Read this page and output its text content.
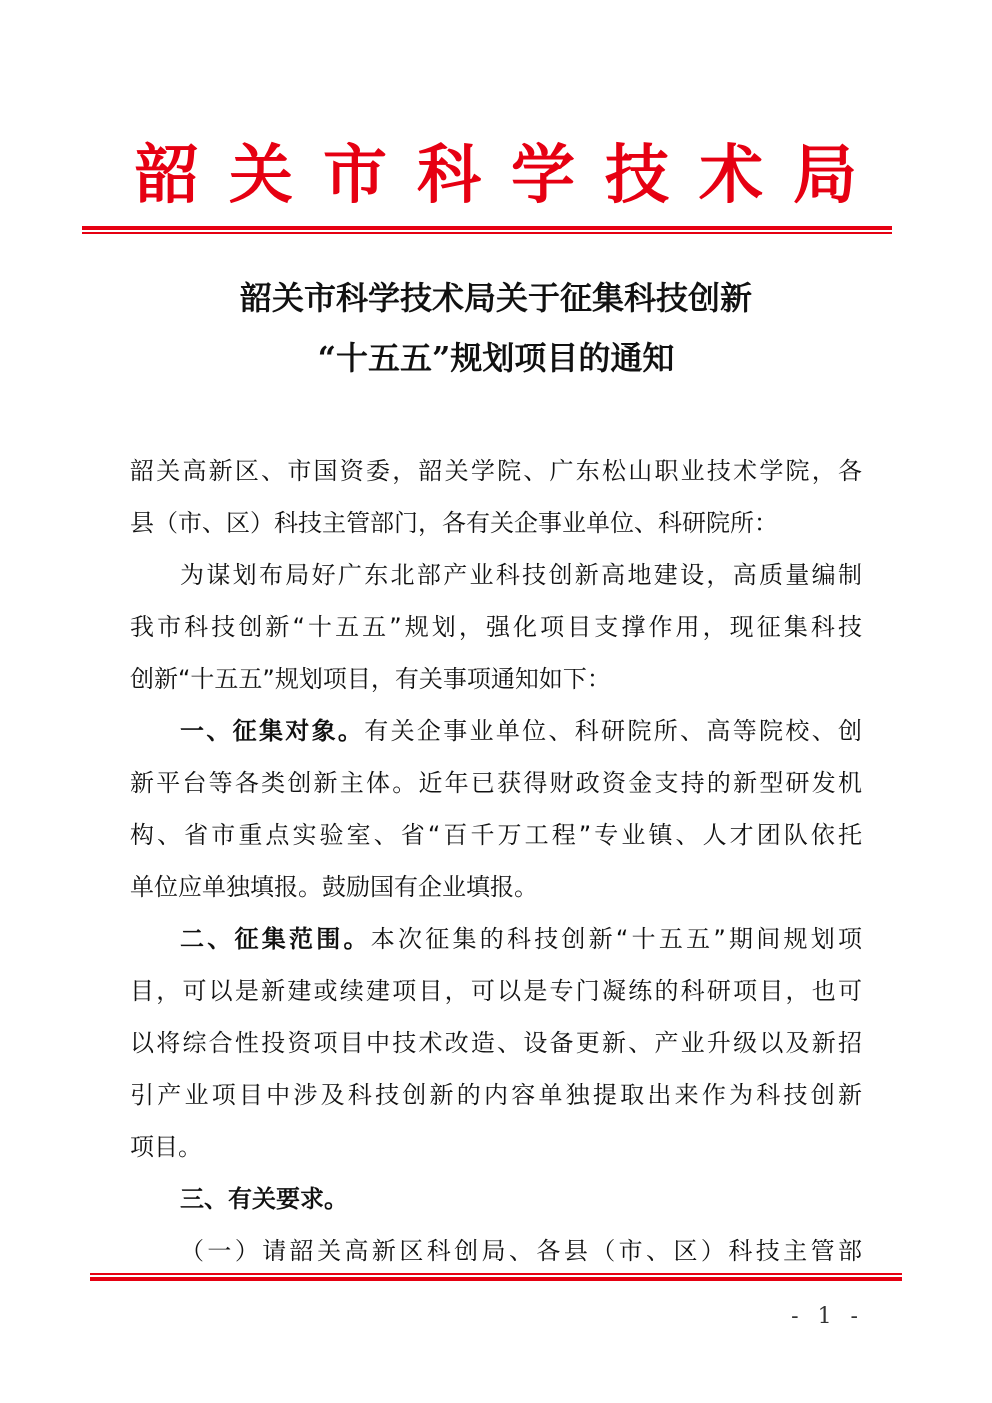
韶关市科学技术局
韶关市科学技术局关于征集科技创新
“十五五”规划项目的通知
韶关高新区、市国资委，韶关学院、广东松山职业技术学院，各
县（市、区）科技主管部门，各有关企事业单位、科研院所：
为谋划布局好广东北部产业科技创新高地建设，高质量编制
我市科技创新“十五五”规划，强化项目支撑作用，现征集科技
创新“十五五”规划项目，有关事项通知如下：
一、征集对象。有关企事业单位、科研院所、高等院校、创
新平台等各类创新主体。近年已获得财政资金支持的新型研发机
构、省市重点实验室、省“百千万工程”专业镇、人才团队依托
单位应单独填报。鼓励国有企业填报。
二、征集范围。本次征集的科技创新“十五五”期间规划项
目，可以是新建或续建项目，可以是专门凝练的科研项目，也可
以将综合性投资项目中技术改造、设备更新、产业升级以及新招
引产业项目中涉及科技创新的内容单独提取出来作为科技创新
项目。
三、有关要求。
（一）请韶关高新区科创局、各县（市、区）科技主管部
- 1 -
